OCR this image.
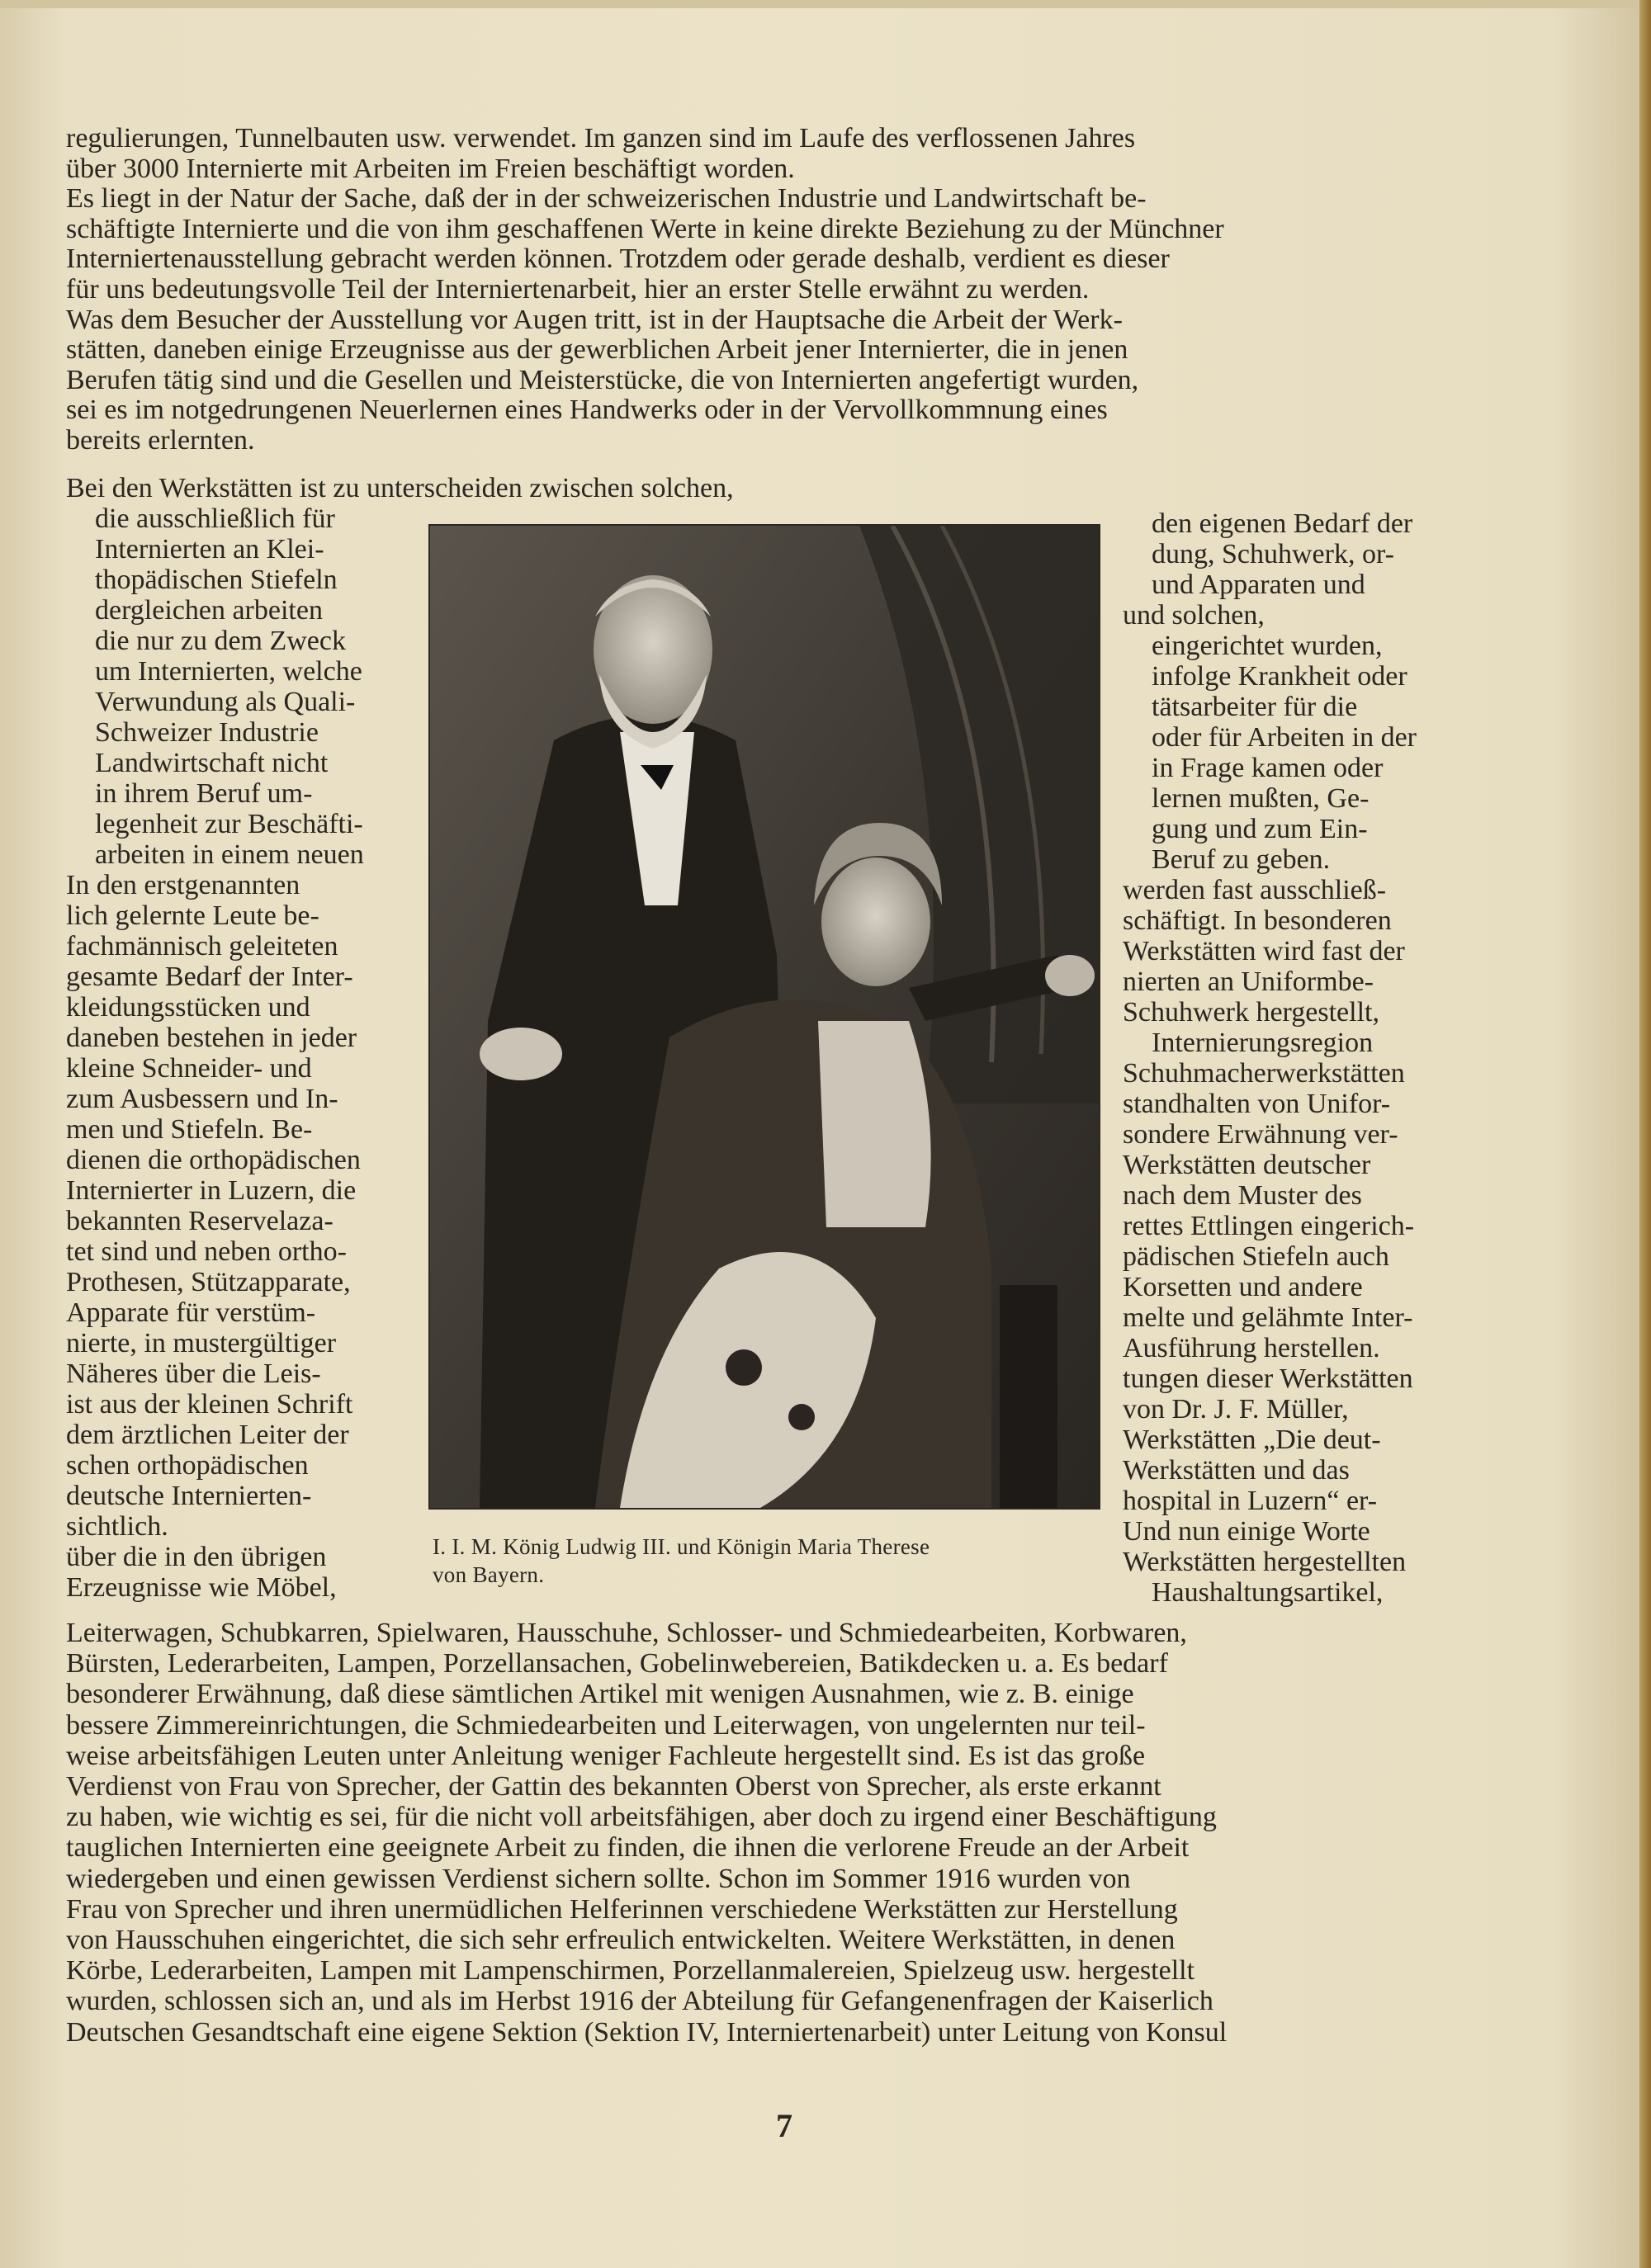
regulierungen, Tunnelbauten usw. verwendet. Im ganzen sind im Laufe des verflossenen Jahres
über 3000 Internierte mit Arbeiten im Freien beschäftigt worden.
Es liegt in der Natur der Sache, daß der in der schweizerischen Industrie und Landwirtschaft be-
schäftigte Internierte und die von ihm geschaffenen Werte in keine direkte Beziehung zu der Münchner
Interniertenausstellung gebracht werden können. Trotzdem oder gerade deshalb, verdient es dieser
für uns bedeutungsvolle Teil der Interniertenarbeit, hier an erster Stelle erwähnt zu werden.
Was dem Besucher der Ausstellung vor Augen tritt, ist in der Hauptsache die Arbeit der Werk-
stätten, daneben einige Erzeugnisse aus der gewerblichen Arbeit jener Internierter, die in jenen
Berufen tätig sind und die Gesellen und Meisterstücke, die von Internierten angefertigt wurden,
sei es im notgedrungenen Neuerlernen eines Handwerks oder in der Vervollkommnung eines
bereits erlernten.
Bei den Werkstätten ist zu unterscheiden zwischen solchen,
die ausschließlich für
Internierten an Klei-
thopädischen Stiefeln
dergleichen arbeiten
die nur zu dem Zweck
um Internierten, welche
Verwundung als Quali-
Schweizer Industrie
Landwirtschaft nicht
in ihrem Beruf um-
legenheit zur Beschäfti-
arbeiten in einem neuen
In den erstgenannten
lich gelernte Leute be-
fachmännisch geleiteten
gesamte Bedarf der Inter-
kleidungsstücken und
daneben bestehen in jeder
kleine Schneider- und
zum Ausbessern und In-
men und Stiefeln. Be-
dienen die orthopädischen
Internierter in Luzern, die
bekannten Reservelaza-
tet sind und neben ortho-
Prothesen, Stützapparate,
Apparate für verstüm-
nierte, in mustergültiger
Näheres über die Leis-
ist aus der kleinen Schrift
dem ärztlichen Leiter der
schen orthopädischen
deutsche Internierten-
sichtlich.
über die in den übrigen
Erzeugnisse wie Möbel,
den eigenen Bedarf der
dung, Schuhwerk, or-
und Apparaten und
und solchen,
eingerichtet wurden,
infolge Krankheit oder
tätsarbeiter für die
oder für Arbeiten in der
in Frage kamen oder
lernen mußten, Ge-
gung und zum Ein-
Beruf zu geben.
werden fast ausschließ-
schäftigt. In besonderen
Werkstätten wird fast der
nierten an Uniformbe-
Schuhwerk hergestellt,
Internierungsregion
Schuhmacherwerkstätten
standhalten von Unifor-
sondere Erwähnung ver-
Werkstätten deutscher
nach dem Muster des
rettes Ettlingen eingerich-
pädischen Stiefeln auch
Korsetten und andere
melte und gelähmte Inter-
Ausführung herstellen.
tungen dieser Werkstätten
von Dr. J. F. Müller,
Werkstätten „Die deut-
Werkstätten und das
hospital in Luzern“ er-
Und nun einige Worte
Werkstätten hergestellten
Haushaltungsartikel,
I. I. M. König Ludwig III. und Königin Maria Therese
von Bayern.
Leiterwagen, Schubkarren, Spielwaren, Hausschuhe, Schlosser- und Schmiedearbeiten, Korbwaren,
Bürsten, Lederarbeiten, Lampen, Porzellansachen, Gobelinwebereien, Batikdecken u. a. Es bedarf
besonderer Erwähnung, daß diese sämtlichen Artikel mit wenigen Ausnahmen, wie z. B. einige
bessere Zimmereinrichtungen, die Schmiedearbeiten und Leiterwagen, von ungelernten nur teil-
weise arbeitsfähigen Leuten unter Anleitung weniger Fachleute hergestellt sind. Es ist das große
Verdienst von Frau von Sprecher, der Gattin des bekannten Oberst von Sprecher, als erste erkannt
zu haben, wie wichtig es sei, für die nicht voll arbeitsfähigen, aber doch zu irgend einer Beschäftigung
tauglichen Internierten eine geeignete Arbeit zu finden, die ihnen die verlorene Freude an der Arbeit
wiedergeben und einen gewissen Verdienst sichern sollte. Schon im Sommer 1916 wurden von
Frau von Sprecher und ihren unermüdlichen Helferinnen verschiedene Werkstätten zur Herstellung
von Hausschuhen eingerichtet, die sich sehr erfreulich entwickelten. Weitere Werkstätten, in denen
Körbe, Lederarbeiten, Lampen mit Lampenschirmen, Porzellanmalereien, Spielzeug usw. hergestellt
wurden, schlossen sich an, und als im Herbst 1916 der Abteilung für Gefangenenfragen der Kaiserlich
Deutschen Gesandtschaft eine eigene Sektion (Sektion IV, Interniertenarbeit) unter Leitung von Konsul
7
